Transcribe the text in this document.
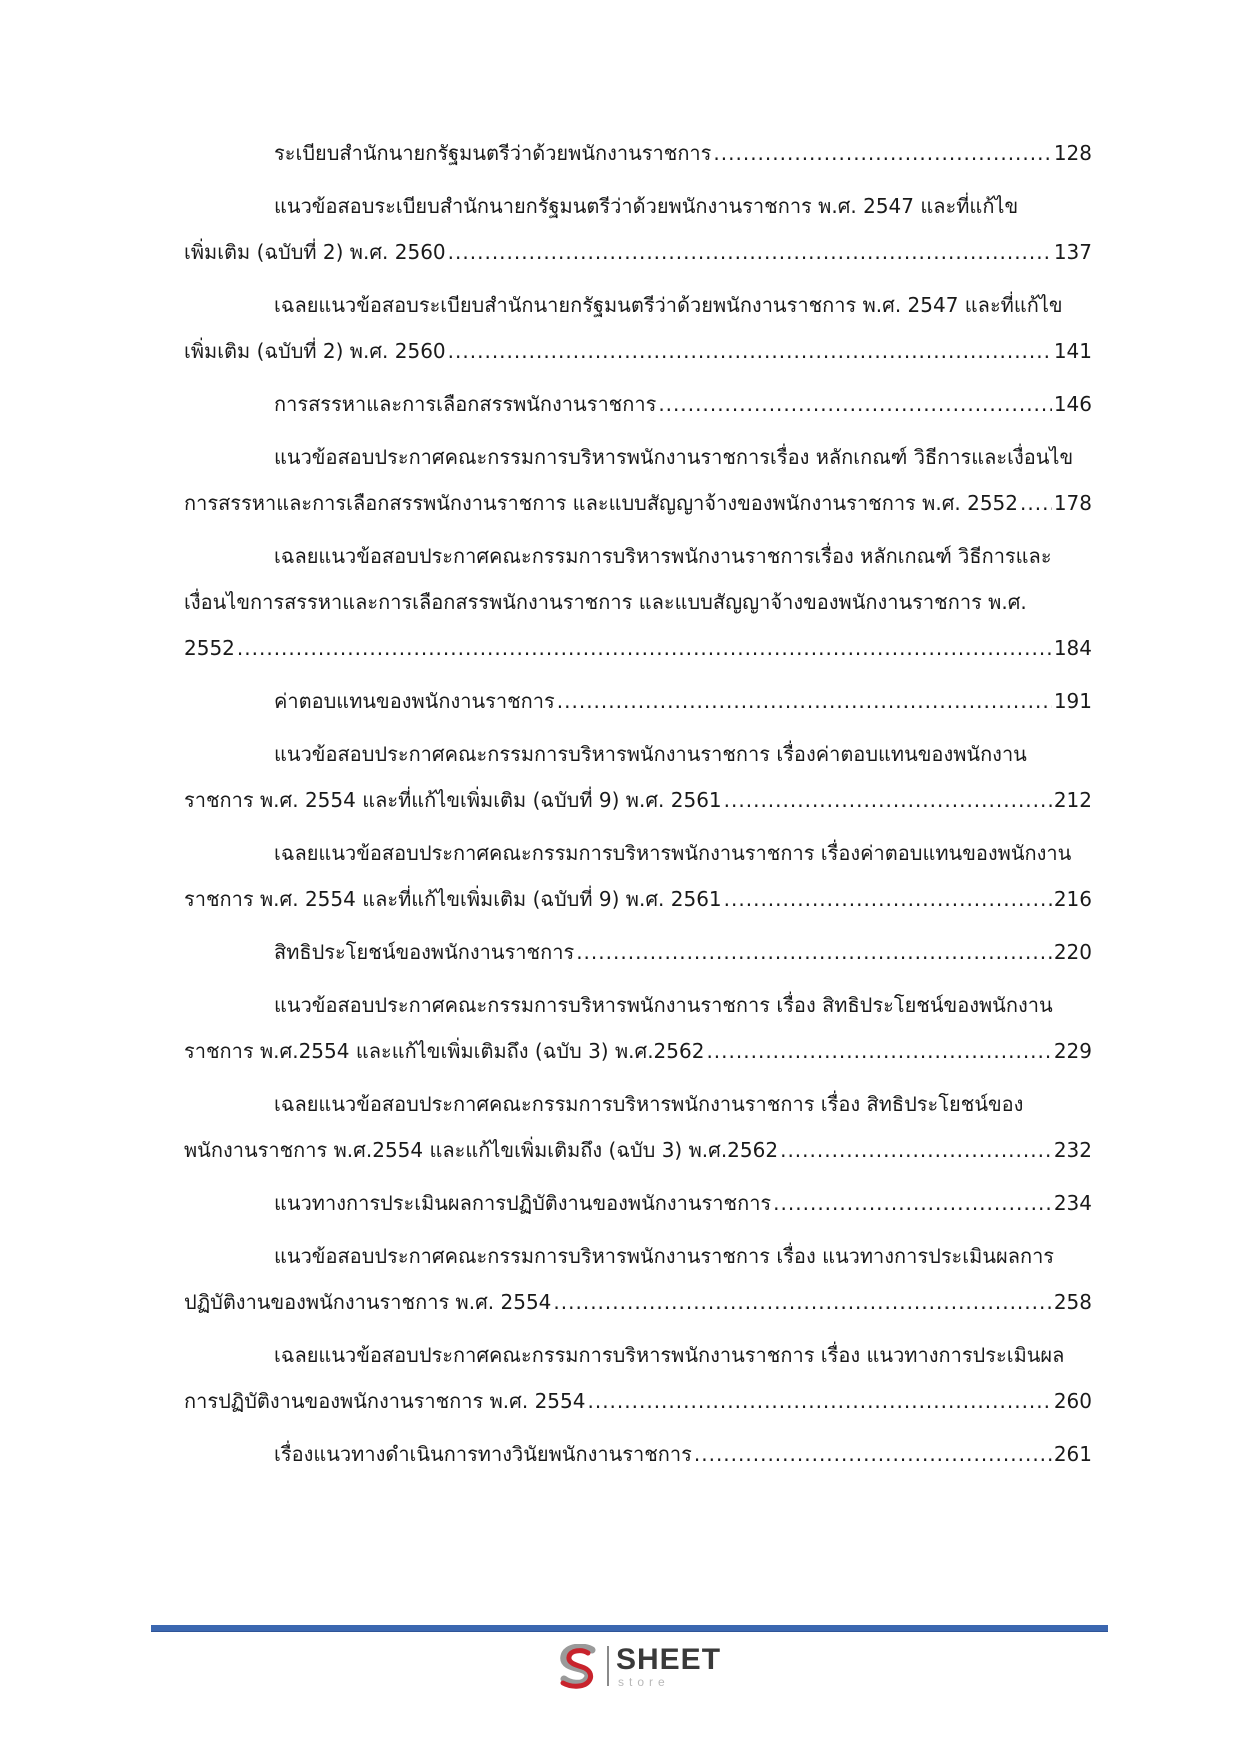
ระเบียบสำนักนายกรัฐมนตรีว่าด้วยพนักงานราชการ .....	128
แนวข้อสอบระเบียบสำนักนายกรัฐมนตรีว่าด้วยพนักงานราชการ พ.ศ. 2547 และที่แก้ไข
เพิ่มเติม (ฉบับที่ 2) พ.ศ. 2560 .....	137
เฉลยแนวข้อสอบระเบียบสำนักนายกรัฐมนตรีว่าด้วยพนักงานราชการ พ.ศ. 2547 และที่แก้ไข
เพิ่มเติม (ฉบับที่ 2) พ.ศ. 2560 .....	141
การสรรหาและการเลือกสรรพนักงานราชการ .....	146
แนวข้อสอบประกาศคณะกรรมการบริหารพนักงานราชการเรื่อง หลักเกณฑ์ วิธีการและเงื่อนไข
การสรรหาและการเลือกสรรพนักงานราชการ และแบบสัญญาจ้างของพนักงานราชการ พ.ศ. 2552 ..... 178
เฉลยแนวข้อสอบประกาศคณะกรรมการบริหารพนักงานราชการเรื่อง หลักเกณฑ์ วิธีการและ
เงื่อนไขการสรรหาและการเลือกสรรพนักงานราชการ และแบบสัญญาจ้างของพนักงานราชการ พ.ศ.
2552 .....	184
ค่าตอบแทนของพนักงานราชการ .....	191
แนวข้อสอบประกาศคณะกรรมการบริหารพนักงานราชการ เรื่องค่าตอบแทนของพนักงาน
ราชการ พ.ศ. 2554 และที่แก้ไขเพิ่มเติม (ฉบับที่ 9) พ.ศ. 2561 .....	212
เฉลยแนวข้อสอบประกาศคณะกรรมการบริหารพนักงานราชการ เรื่องค่าตอบแทนของพนักงาน
ราชการ พ.ศ. 2554 และที่แก้ไขเพิ่มเติม (ฉบับที่ 9) พ.ศ. 2561 .....	216
สิทธิประโยชน์ของพนักงานราชการ .....	220
แนวข้อสอบประกาศคณะกรรมการบริหารพนักงานราชการ เรื่อง สิทธิประโยชน์ของพนักงาน
ราชการ พ.ศ.2554 และแก้ไขเพิ่มเติมถึง (ฉบับ 3) พ.ศ.2562 .....	229
เฉลยแนวข้อสอบประกาศคณะกรรมการบริหารพนักงานราชการ เรื่อง สิทธิประโยชน์ของ
พนักงานราชการ พ.ศ.2554 และแก้ไขเพิ่มเติมถึง (ฉบับ 3) พ.ศ.2562 .....	232
แนวทางการประเมินผลการปฏิบัติงานของพนักงานราชการ .....	234
แนวข้อสอบประกาศคณะกรรมการบริหารพนักงานราชการ เรื่อง แนวทางการประเมินผลการ
ปฏิบัติงานของพนักงานราชการ พ.ศ. 2554 .....	258
เฉลยแนวข้อสอบประกาศคณะกรรมการบริหารพนักงานราชการ เรื่อง แนวทางการประเมินผล
การปฏิบัติงานของพนักงานราชการ พ.ศ. 2554 .....	260
เรื่องแนวทางดำเนินการทางวินัยพนักงานราชการ .....	261
SHEET
store
